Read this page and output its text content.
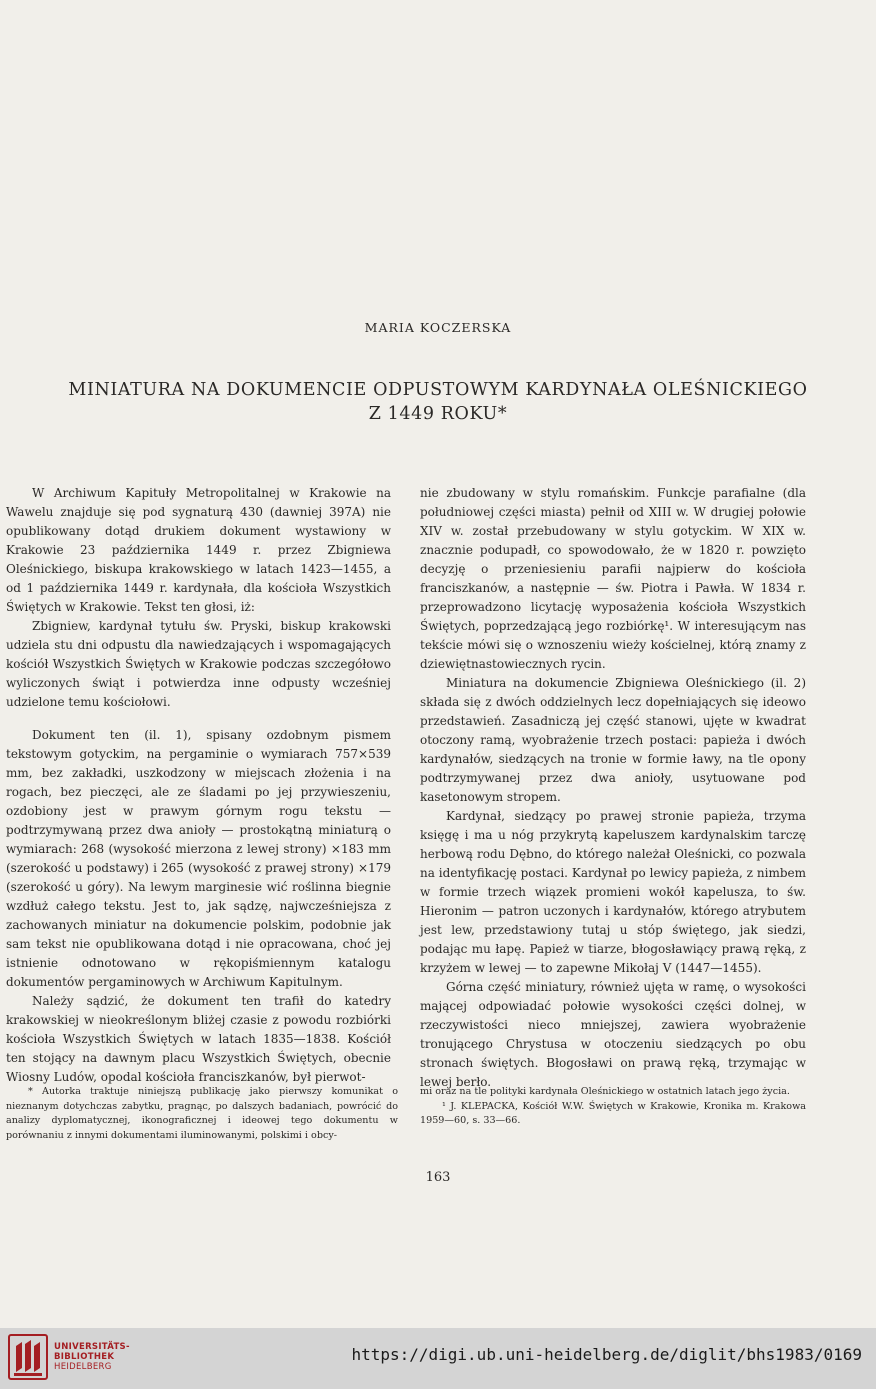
MARIA KOCZERSKA
MINIATURA NA DOKUMENCIE ODPUSTOWYM KARDYNAŁA OLEŚNICKIEGO
Z 1449 ROKU*

W Archiwum Kapituły Metropolitalnej w Krakowie na Wawelu znajduje się pod sygnaturą 430 (dawniej 397A) nie opublikowany dotąd drukiem dokument wystawiony w Krakowie 23 października 1449 r. przez Zbigniewa Oleśnickiego, biskupa krakowskiego w latach 1423—1455, a od 1 października 1449 r. kardynała, dla kościoła Wszystkich Świętych w Krakowie. Tekst ten głosi, iż:

Zbigniew, kardynał tytułu św. Pryski, biskup krakowski udziela stu dni odpustu dla nawiedzających i wspomagających kościół Wszystkich Świętych w Krakowie podczas szczegółowo wyliczonych świąt i potwierdza inne odpusty wcześniej udzielone temu kościołowi.

Dokument ten (il. 1), spisany ozdobnym pismem tekstowym gotyckim, na pergaminie o wymiarach 757×539 mm, bez zakładki, uszkodzony w miejscach złożenia i na rogach, bez pieczęci, ale ze śladami po jej przywieszeniu, ozdobiony jest w prawym górnym rogu tekstu — podtrzymywaną przez dwa anioły — prostokątną miniaturą o wymiarach: 268 (wysokość mierzona z lewej strony) ×183 mm (szerokość u podstawy) i 265 (wysokość z prawej strony) ×179 (szerokość u góry). Na lewym marginesie wić roślinna biegnie wzdłuż całego tekstu. Jest to, jak sądzę, najwcześniejsza z zachowanych miniatur na dokumencie polskim, podobnie jak sam tekst nie opublikowana dotąd i nie opracowana, choć jej istnienie odnotowano w rękopiśmiennym katalogu dokumentów pergaminowych w Archiwum Kapitulnym.

Należy sądzić, że dokument ten trafił do katedry krakowskiej w nieokreślonym bliżej czasie z powodu rozbiórki kościoła Wszystkich Świętych w latach 1835—1838. Kościół ten stojący na dawnym placu Wszystkich Świętych, obecnie Wiosny Ludów, opodal kościoła franciszkanów, był pierwot-

nie zbudowany w stylu romańskim. Funkcje parafialne (dla południowej części miasta) pełnił od XIII w. W drugiej połowie XIV w. został przebudowany w stylu gotyckim. W XIX w. znacznie podupadł, co spowodowało, że w 1820 r. powzięto decyzję o przeniesieniu parafii najpierw do kościoła franciszkanów, a następnie — św. Piotra i Pawła. W 1834 r. przeprowadzono licytację wyposażenia kościoła Wszystkich Świętych, poprzedzającą jego rozbiórkę¹. W interesującym nas tekście mówi się o wznoszeniu wieży kościelnej, którą znamy z dziewiętnastowiecznych rycin.

Miniatura na dokumencie Zbigniewa Oleśnickiego (il. 2) składa się z dwóch oddzielnych lecz dopełniających się ideowo przedstawień. Zasadniczą jej część stanowi, ujęte w kwadrat otoczony ramą, wyobrażenie trzech postaci: papieża i dwóch kardynałów, siedzących na tronie w formie ławy, na tle opony podtrzymywanej przez dwa anioły, usytuowane pod kasetonowym stropem.

Kardynał, siedzący po prawej stronie papieża, trzyma księgę i ma u nóg przykrytą kapeluszem kardynalskim tarczę herbową rodu Dębno, do którego należał Oleśnicki, co pozwala na identyfikację postaci. Kardynał po lewicy papieża, z nimbem w formie trzech wiązek promieni wokół kapelusza, to św. Hieronim — patron uczonych i kardynałów, którego atrybutem jest lew, przedstawiony tutaj u stóp świętego, jak siedzi, podając mu łapę. Papież w tiarze, błogosławiący prawą ręką, z krzyżem w lewej — to zapewne Mikołaj V (1447—1455).

Górna część miniatury, również ujęta w ramę, o wysokości mającej odpowiadać połowie wysokości części dolnej, w rzeczywistości nieco mniejszej, zawiera wyobrażenie tronującego Chrystusa w otoczeniu siedzących po obu stronach świętych. Błogosławi on prawą ręką, trzymając w lewej berło.

* Autorka traktuje niniejszą publikację jako pierwszy komunikat o nieznanym dotychczas zabytku, pragnąc, po dalszych badaniach, powrócić do analizy dyplomatycznej, ikonograficznej i ideowej tego dokumentu w porównaniu z innymi dokumentami iluminowanymi, polskimi i obcy-

mi oraz na tle polityki kardynała Oleśnickiego w ostatnich latach jego życia.

¹ J. KLEPACKA, Kościół W.W. Świętych w Krakowie, Kronika m. Krakowa 1959—60, s. 33—66.

163
UNIVERSITÄTS-
BIBLIOTHEK
HEIDELBERG
https://digi.ub.uni-heidelberg.de/diglit/bhs1983/0169
